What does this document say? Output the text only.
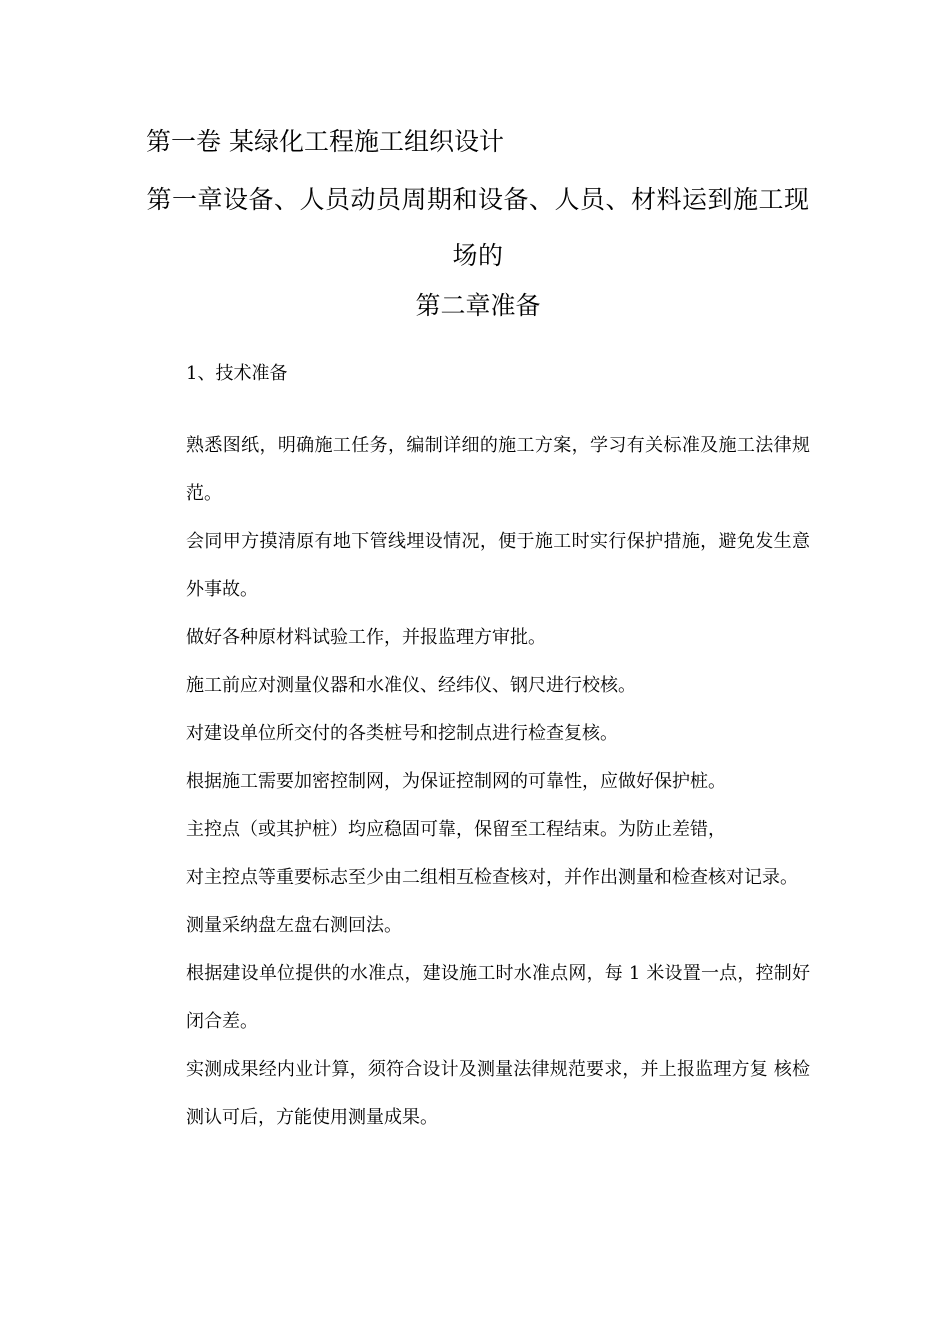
第一卷 某绿化工程施工组织设计
第一章设备、人员动员周期和设备、人员、材料运到施工现场的
第二章准备
1、技术准备

熟悉图纸，明确施工任务，编制详细的施工方案，学习有关标准及施工法律规范。

会同甲方摸清原有地下管线埋设情况，便于施工时实行保护措施，避免发生意外事故。

做好各种原材料试验工作，并报监理方审批。

施工前应对测量仪器和水准仪、经纬仪、钢尺进行校核。

对建设单位所交付的各类桩号和挖制点进行检查复核。

根据施工需要加密控制网，为保证控制网的可靠性，应做好保护桩。

主控点（或其护桩）均应稳固可靠，保留至工程结束。为防止差错，

对主控点等重要标志至少由二组相互检查核对，并作出测量和检查核对记录。

测量采纳盘左盘右测回法。

根据建设单位提供的水准点，建设施工时水准点网，每 1 米设置一点，控制好闭合差。

实测成果经内业计算，须符合设计及测量法律规范要求，并上报监理方复 核检测认可后，方能使用测量成果。
